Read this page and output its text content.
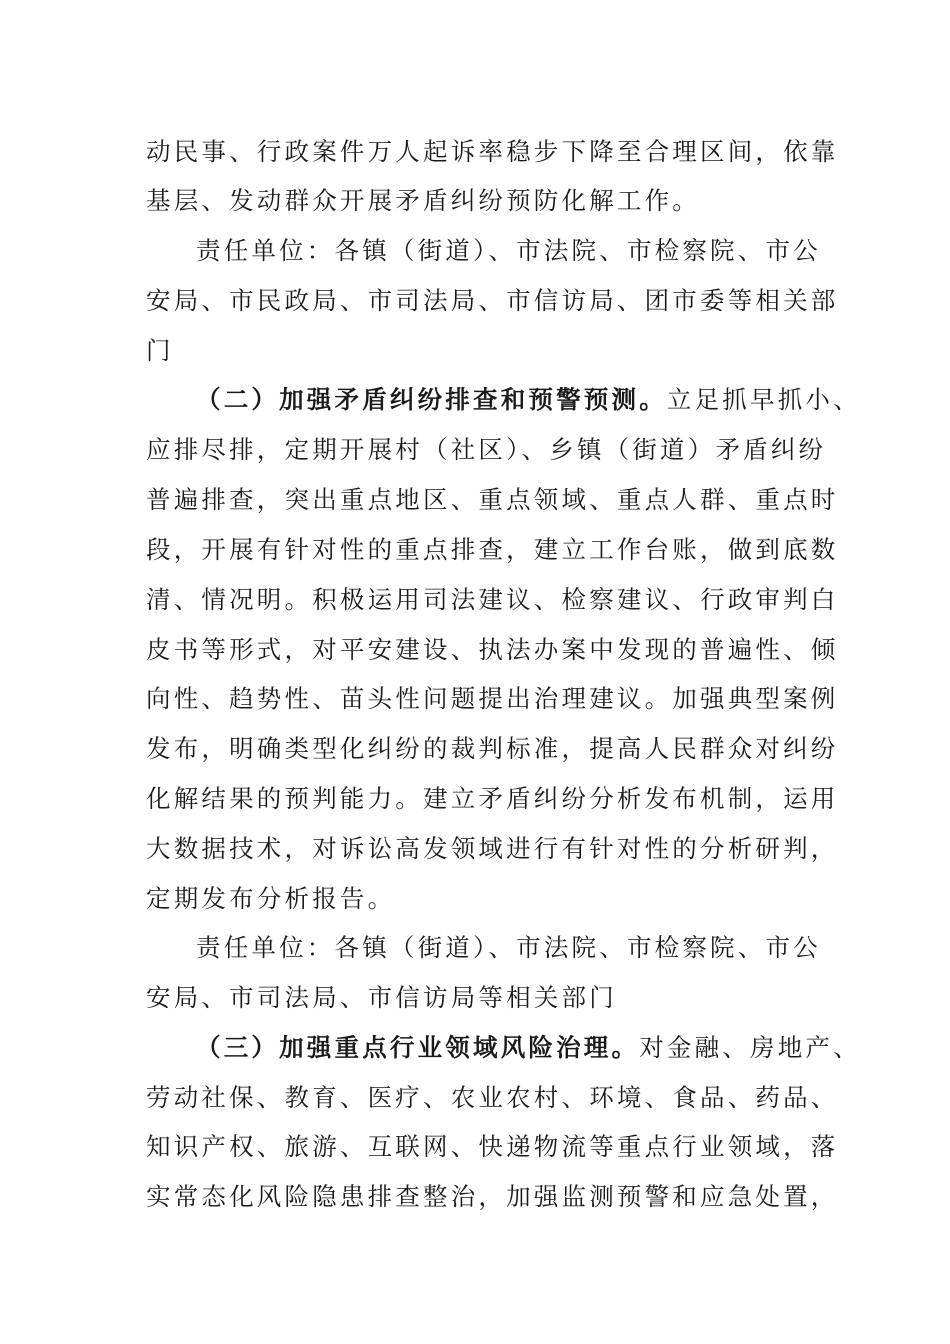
动民事、行政案件万人起诉率稳步下降至合理区间，依靠
基层、发动群众开展矛盾纠纷预防化解工作。
责任单位：各镇（街道）、市法院、市检察院、市公
安局、市民政局、市司法局、市信访局、团市委等相关部
门
（二）加强矛盾纠纷排查和预警预测。立足抓早抓小、
应排尽排，定期开展村（社区）、乡镇（街道）矛盾纠纷
普遍排查，突出重点地区、重点领域、重点人群、重点时
段，开展有针对性的重点排查，建立工作台账，做到底数
清、情况明。积极运用司法建议、检察建议、行政审判白
皮书等形式，对平安建设、执法办案中发现的普遍性、倾
向性、趋势性、苗头性问题提出治理建议。加强典型案例
发布，明确类型化纠纷的裁判标准，提高人民群众对纠纷
化解结果的预判能力。建立矛盾纠纷分析发布机制，运用
大数据技术，对诉讼高发领域进行有针对性的分析研判，
定期发布分析报告。
责任单位：各镇（街道）、市法院、市检察院、市公
安局、市司法局、市信访局等相关部门
（三）加强重点行业领域风险治理。对金融、房地产、
劳动社保、教育、医疗、农业农村、环境、食品、药品、
知识产权、旅游、互联网、快递物流等重点行业领域，落
实常态化风险隐患排查整治，加强监测预警和应急处置，
